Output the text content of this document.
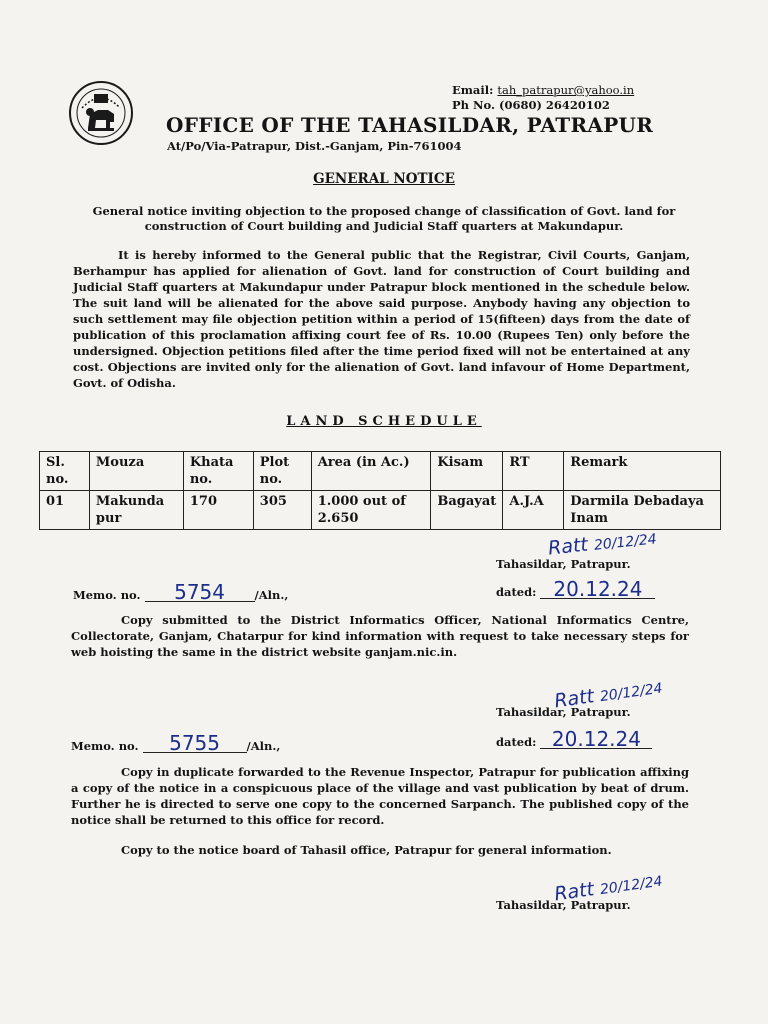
Email: tah_patrapur@yahoo.in
Ph No. (0680) 26420102
OFFICE OF THE TAHASILDAR, PATRAPUR
At/Po/Via-Patrapur, Dist.-Ganjam, Pin-761004
GENERAL NOTICE
General notice inviting objection to the proposed change of classification of Govt. land for construction of Court building and Judicial Staff quarters at Makundapur.
It is hereby informed to the General public that the Registrar, Civil Courts, Ganjam, Berhampur has applied for alienation of Govt. land for construction of Court building and Judicial Staff quarters at Makundapur under Patrapur block mentioned in the schedule below. The suit land will be alienated for the above said purpose. Anybody having any objection to such settlement may file objection petition within a period of 15(fifteen) days from the date of publication of this proclamation affixing court fee of Rs. 10.00 (Rupees Ten) only before the undersigned. Objection petitions filed after the time period fixed will not be entertained at any cost. Objections are invited only for the alienation of Govt. land infavour of Home Department, Govt. of Odisha.
LAND SCHEDULE
Sl. no.	Mouza	Khata no.	Plot no.	Area (in Ac.)	Kisam	RT	Remark
01	Makunda pur	170	305	1.000 out of 2.650	Bagayat	A.J.A	Darmila Debadaya Inam
Tahasildar, Patrapur.
Ratt 20/12/24
Memo. no. 5754	/Aln.,	dated: 20.12.24
Copy submitted to the District Informatics Officer, National Informatics Centre, Collectorate, Ganjam, Chatarpur for kind information with request to take necessary steps for web hoisting the same in the district website ganjam.nic.in.
Tahasildar, Patrapur.
Ratt 20/12/24
Memo. no. 5755 /Aln.,	dated: 20.12.24
Copy in duplicate forwarded to the Revenue Inspector, Patrapur for publication affixing a copy of the notice in a conspicuous place of the village and vast publication by beat of drum. Further he is directed to serve one copy to the concerned Sarpanch. The published copy of the notice shall be returned to this office for record.
Copy to the notice board of Tahasil office, Patrapur for general information.
Tahasildar, Patrapur.
Ratt 20/12/24
